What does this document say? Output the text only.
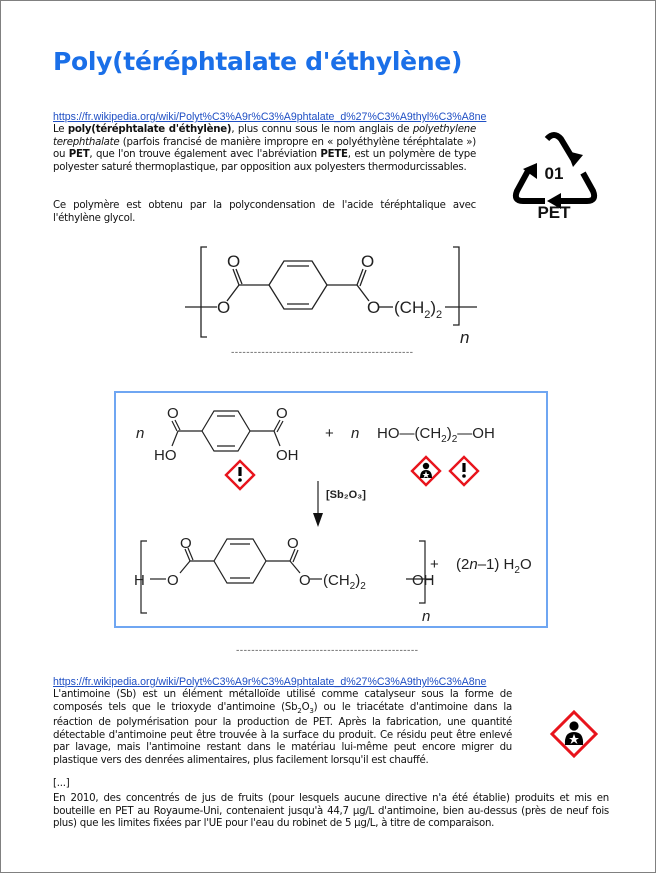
Poly(téréphtalate d'éthylène)
https://fr.wikipedia.org/wiki/Polyt%C3%A9r%C3%A9phtalate_d%27%C3%A9thyl%C3%A8ne

Le poly(téréphtalate d'éthylène), plus connu sous le nom anglais de polyethylene terephthalate (parfois francisé de manière impropre en « polyéthylène téréphtalate ») ou PET, que l'on trouve également avec l'abréviation PETE, est un polymère de type polyester saturé thermoplastique, par opposition aux polyesters thermodurcissables.

Ce polymère est obtenu par la polycondensation de l'acide téréphtalique avec l'éthylène glycol.

01
PET
O
O	O
O $(CH_2)_2$
n
------------------------------------------------
n
O
HO
O
OH
+ n $HO—(CH_2)_2—OH$
[Sb₂O₃]
H O
O	O
O $(CH_2)_2$	OH
n
+ (2n–1) $H_2O$
------------------------------------------------
https://fr.wikipedia.org/wiki/Polyt%C3%A9r%C3%A9phtalate_d%27%C3%A9thyl%C3%A8ne

L'antimoine (Sb) est un élément métalloïde utilisé comme catalyseur sous la forme de composés tels que le trioxyde d'antimoine $(Sb_2O_3)$ ou le triacétate d'antimoine dans la réaction de polymérisation pour la production de PET. Après la fabrication, une quantité détectable d'antimoine peut être trouvée à la surface du produit. Ce résidu peut être enlevé par lavage, mais l'antimoine restant dans le matériau lui-même peut encore migrer du plastique vers des denrées alimentaires, plus facilement lorsqu'il est chauffé.

[...]

En 2010, des concentrés de jus de fruits (pour lesquels aucune directive n'a été établie) produits et mis en bouteille en PET au Royaume-Uni, contenaient jusqu'à 44,7 µg/L d'antimoine, bien au-dessus (près de neuf fois plus) que les limites fixées par l'UE pour l'eau du robinet de 5 µg/L, à titre de comparaison.
